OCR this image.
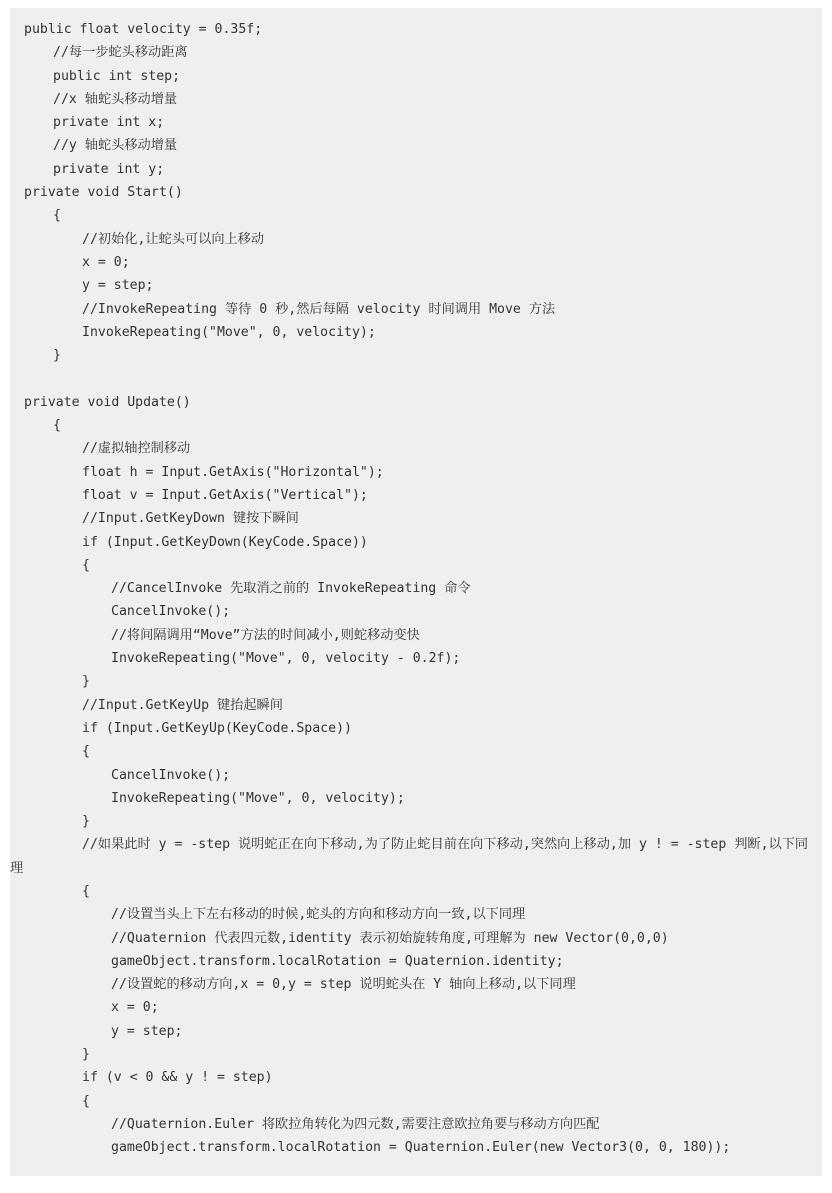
public float velocity = 0.35f;
//每一步蛇头移动距离
public int step;
//x 轴蛇头移动增量
private int x;
//y 轴蛇头移动增量
private int y;
private void Start()
{
//初始化,让蛇头可以向上移动
x = 0;
y = step;
//InvokeRepeating 等待 0 秒,然后每隔 velocity 时间调用 Move 方法
InvokeRepeating("Move", 0, velocity);
}
private void Update()
{
//虚拟轴控制移动
float h = Input.GetAxis("Horizontal");
float v = Input.GetAxis("Vertical");
//Input.GetKeyDown 键按下瞬间
if (Input.GetKeyDown(KeyCode.Space))
{
//CancelInvoke 先取消之前的 InvokeRepeating 命令
CancelInvoke();
//将间隔调用“Move”方法的时间减小,则蛇移动变快
InvokeRepeating("Move", 0, velocity - 0.2f);
}
//Input.GetKeyUp 键抬起瞬间
if (Input.GetKeyUp(KeyCode.Space))
{
CancelInvoke();
InvokeRepeating("Move", 0, velocity);
}
//如果此时 y = -step 说明蛇正在向下移动,为了防止蛇目前在向下移动,突然向上移动,加 y ! = -step 判断,以下同理
{
//设置当头上下左右移动的时候,蛇头的方向和移动方向一致,以下同理
//Quaternion 代表四元数,identity 表示初始旋转角度,可理解为 new Vector(0,0,0)
gameObject.transform.localRotation = Quaternion.identity;
//设置蛇的移动方向,x = 0,y = step 说明蛇头在 Y 轴向上移动,以下同理
x = 0;
y = step;
}
if (v < 0 && y ! = step)
{
//Quaternion.Euler 将欧拉角转化为四元数,需要注意欧拉角要与移动方向匹配
gameObject.transform.localRotation = Quaternion.Euler(new Vector3(0, 0, 180));
